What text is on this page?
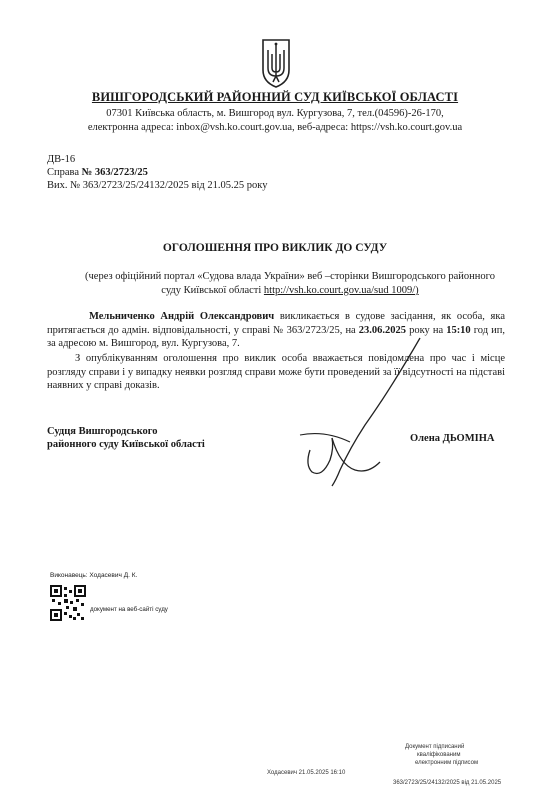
ВИШГОРОДСЬКИЙ РАЙОННИЙ СУД КИЇВСЬКОЇ ОБЛАСТІ
07301 Київська область, м. Вишгород вул. Кургузова, 7, тел.(04596)-26-170,
електронна адреса: inbox@vsh.ko.court.gov.ua, веб-адреса: https://vsh.ko.court.gov.ua
ДВ-16
Справа № 363/2723/25
Вих. № 363/2723/25/24132/2025 від 21.05.25 року
ОГОЛОШЕННЯ ПРО ВИКЛИК ДО СУДУ
(через офіційний портал «Судова влада України» веб –сторінки Вишгородського районного суду Київської області http://vsh.ko.court.gov.ua/sud 1009/)
Мельниченко Андрій Олександрович викликається в судове засідання, як особа, яка притягається до адмін. відповідальності, у справі № 363/2723/25, на 23.06.2025 року на 15:10 год ип, за адресою м. Вишгород, вул. Кургузова, 7.
З опублікуванням оголошення про виклик особа вважається повідомлена про час і місце розгляду справи і у випадку неявки розгляд справи може бути проведений за її відсутності на підставі наявних у справі доказів.
Судця Вишгородського
районного суду Київської області
Олена ДЬОМІНА
Виконавець: Ходасевич Д. К.
документ на веб-сайті суду
Документ підписаний
кваліфікованим
електронним підписом
Ходасевич 21.05.2025 16:10
363/2723/25/24132/2025 від 21.05.2025
